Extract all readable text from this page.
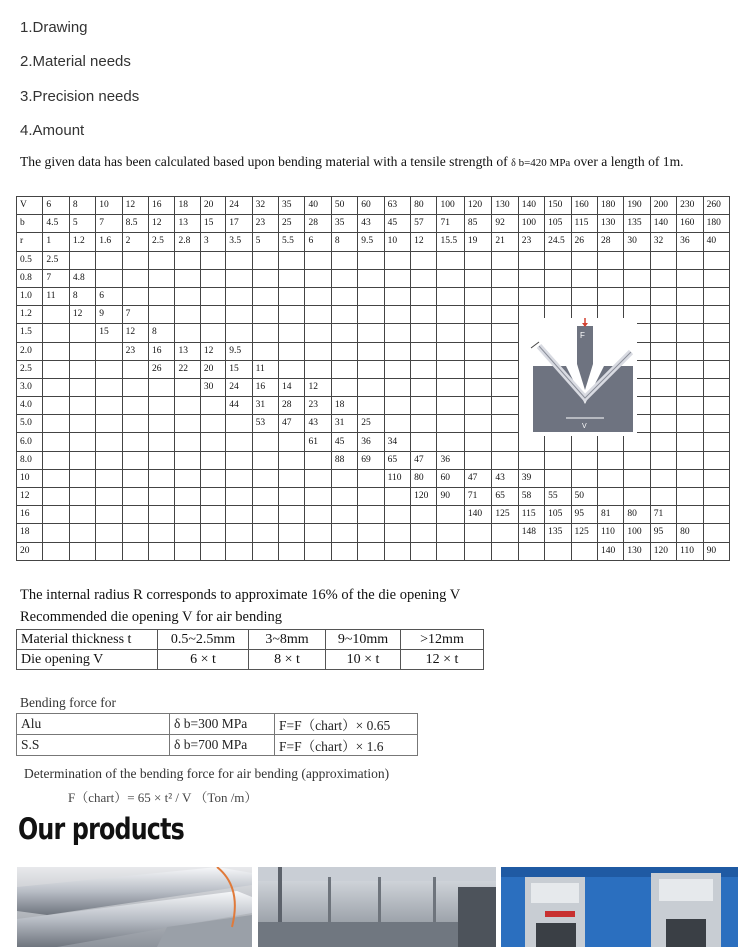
1.Drawing
2.Material needs
3.Precision needs
4.Amount
The given data has been calculated based upon bending material with a tensile strength of δ b=420 MPa over a length of 1m.
V	6	8	10	12	16	18	20	24	32	35	40	50	60	63	80	100	120	130	140	150	160	180	190	200	230	260
b	4.5	5	7	8.5	12	13	15	17	23	25	28	35	43	45	57	71	85	92	100	105	115	130	135	140	160	180
r	1	1.2	1.6	2	2.5	2.8	3	3.5	5	5.5	6	8	9.5	10	12	15.5	19	21	23	24.5	26	28	30	32	36	40
0.5	2.5																									
0.8	7	4.8																								
1.0	11	8	6																							
1.2		12	9	7																						
1.5			15	12	8																					
2.0				23	16	13	12	9.5																		
2.5					26	22	20	15	11																	
3.0							30	24	16	14	12															
4.0								44	31	28	23	18														
5.0									53	47	43	31	25													
6.0											61	45	36	34												
8.0												88	69	65	47	36										
10														110	80	60	47	43	39							
12															120	90	71	65	58	55	50					
16																	140	125	115	105	95	81	80	71		
18																			148	135	125	110	100	95	80	
20																						140	130	120	110	90
F
V
The internal radius R corresponds to approximate 16% of the die opening V
Recommended die opening V for air bending
Material thickness t	0.5~2.5mm	3~8mm	9~10mm	>12mm
Die opening V	6 × t	8 × t	10 × t	12 × t
Bending force for
Alu	δ b=300 MPa	F=F（chart）× 0.65
S.S	δ b=700 MPa	F=F（chart）× 1.6
Determination of the bending force for air bending (approximation)
F（chart）= 65 × t² / V （Ton /m）
Our products
